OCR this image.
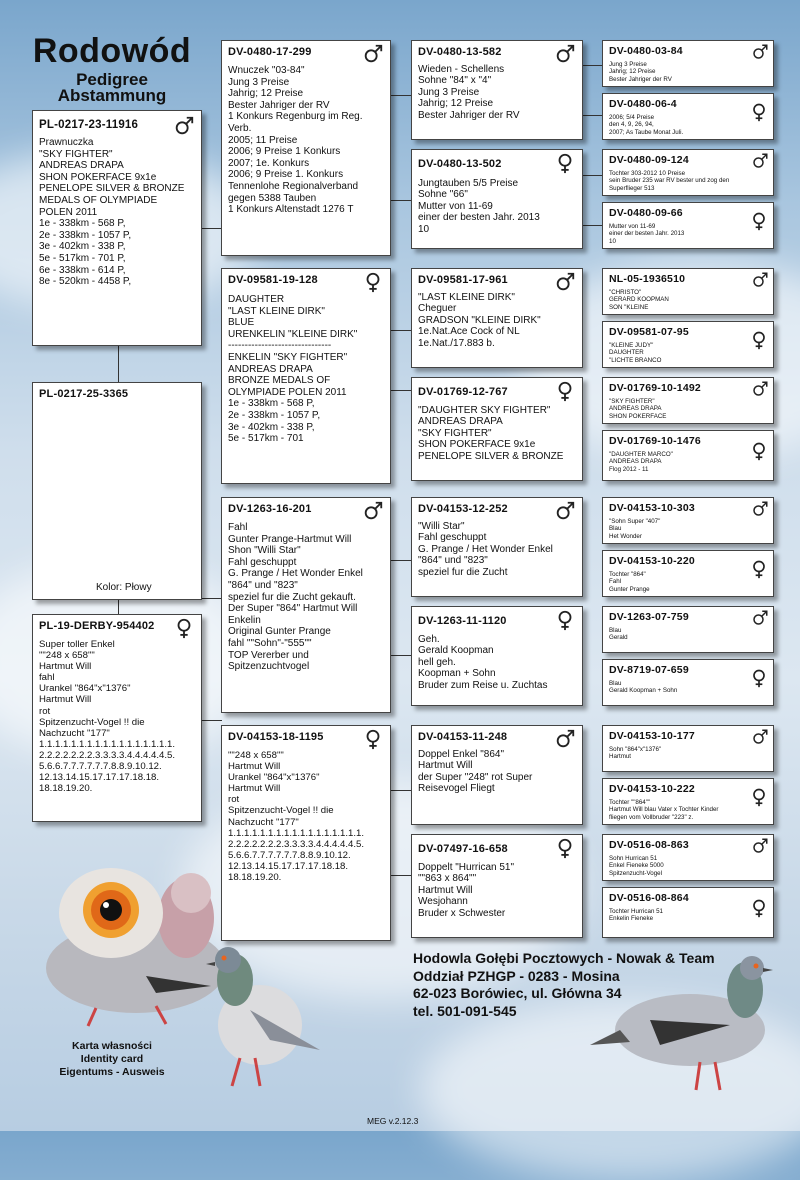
Rodowód
Pedigree
Abstammung
PL-0217-23-11916
Prawnuczka
"SKY FIGHTER"
ANDREAS DRAPA
SHON POKERFACE 9x1e
PENELOPE SILVER & BRONZE
MEDALS OF OLYMPIADE
POLEN 2011
1e - 338km - 568 P,
2e - 338km - 1057 P,
3e - 402km - 338 P,
5e - 517km - 701 P,
6e - 338km - 614 P,
8e - 520km - 4458 P,
PL-0217-25-3365
Kolor: Płowy
PL-19-DERBY-954402
Super toller Enkel
""248 x 658""
Hartmut Will
fahl
Urankel "864"x"1376"
Hartmut Will
rot
Spitzenzucht-Vogel !! die
Nachzucht "177"
1.1.1.1.1.1.1.1.1.1.1.1.1.1.1.1.1.
2.2.2.2.2.2.2.3.3.3.3.4.4.4.4.4.5.
5.6.6.7.7.7.7.7.7.8.8.9.10.12.
12.13.14.15.17.17.17.18.18.
18.18.19.20.
DV-0480-17-299
Wnuczek "03-84"
Jung 3 Preise
Jahrig; 12 Preise
Bester Jahriger der RV
1 Konkurs Regenburg im Reg.
Verb.
2005; 11 Preise
2006; 9 Preise 1 Konkurs
2007; 1e. Konkurs
2006; 9 Preise 1. Konkurs
Tennenlohe Regionalverband
gegen 5388 Tauben
1 Konkurs Altenstadt 1276 T
DV-09581-19-128
DAUGHTER
"LAST KLEINE DIRK"
BLUE
URENKELIN "KLEINE DIRK"
-------------------------------
ENKELIN "SKY FIGHTER"
ANDREAS DRAPA
BRONZE MEDALS OF
OLYMPIADE POLEN 2011
1e - 338km - 568 P,
2e - 338km - 1057 P,
3e - 402km - 338 P,
5e - 517km - 701
DV-1263-16-201
Fahl
Gunter Prange-Hartmut Will
Shon "Willi Star"
Fahl geschuppt
G. Prange / Het Wonder Enkel
"864" und "823"
speziel fur die Zucht gekauft.
Der Super "864" Hartmut Will
Enkelin
Original Gunter Prange
fahl ""Sohn"-"555""
TOP Vererber und
Spitzenzuchtvogel
DV-04153-18-1195
""248 x 658""
Hartmut Will
Urankel "864"x"1376"
Hartmut Will
rot
Spitzenzucht-Vogel !! die
Nachzucht "177"
1.1.1.1.1.1.1.1.1.1.1.1.1.1.1.1.1.
2.2.2.2.2.2.2.3.3.3.3.4.4.4.4.4.5.
5.6.6.7.7.7.7.7.7.8.8.9.10.12.
12.13.14.15.17.17.17.18.18.
18.18.19.20.
DV-0480-13-582
Wieden - Schellens
Sohne "84" x "4"
Jung 3 Preise
Jahrig; 12 Preise
Bester Jahriger der RV
DV-0480-13-502
Jungtauben 5/5 Preise
Sohne "66"
Mutter von 11-69
einer der besten Jahr. 2013
10
DV-09581-17-961
"LAST KLEINE DIRK"
Cheguer
GRADSON "KLEINE DIRK"
1e.Nat.Ace Cock of NL
1e.Nat./17.883 b.
DV-01769-12-767
"DAUGHTER SKY FIGHTER"
ANDREAS DRAPA
"SKY FIGHTER"
SHON POKERFACE 9x1e
PENELOPE SILVER & BRONZE
DV-04153-12-252
"Willi Star"
Fahl geschuppt
G. Prange / Het Wonder Enkel
"864" und "823"
speziel fur die Zucht
DV-1263-11-1120
Geh.
Gerald Koopman
hell geh.
Koopman + Sohn
Bruder zum Reise u. Zuchtas
DV-04153-11-248
Doppel Enkel "864"
Hartmut Will
der Super "248" rot Super
Reisevogel Fliegt
DV-07497-16-658
Doppelt "Hurrican 51"
""863 x 864""
Hartmut Will
Wesjohann
Bruder x Schwester
DV-0480-03-84
Jung 3 Preise
Jahrig; 12 Preise
Bester Jahriger der RV
DV-0480-06-4
2006; 5/4 Preise
den 4, 9, 26, 94,
2007; As Taube Monat Juli.
DV-0480-09-124
Tochter 303-2012 10 Preise
sein Bruder 235 war RV bester und zog den
Superflieger 513
DV-0480-09-66
Mutter von 11-69
einer der besten Jahr. 2013
10
NL-05-1936510
"CHRISTO"
GERARD KOOPMAN
SON "KLEINE
DV-09581-07-95
"KLEINE JUDY"
DAUGHTER
"LICHTE BRANCO
DV-01769-10-1492
"SKY FIGHTER"
ANDREAS DRAPA
SHON POKERFACE
DV-01769-10-1476
"DAUGHTER MARCO"
ANDREAS DRAPA
Flog 2012 - 11
DV-04153-10-303
"Sohn Super "407"
Blau
Het Wonder
DV-04153-10-220
Tochter "864"
Fahl
Gunter Prange
DV-1263-07-759
Blau
Gerald
DV-8719-07-659
Blau
Gerald Koopman + Sohn
DV-04153-10-177
Sohn "864"x"1376"
Hartmut
DV-04153-10-222
Tochter ""864""
Hartmut Will blau Vater x Tochter Kinder
fliegen vom Vollbruder "223" z.
DV-0516-08-863
Sohn Hurrican 51
Enkel Fieneke 5000
Spitzenzucht-Vogel
DV-0516-08-864
Tochter Hurrican 51
Enkelin Fieneke
Hodowla Gołębi Pocztowych - Nowak & Team
Oddział PZHGP - 0283 - Mosina
62-023 Borówiec, ul. Główna 34
tel. 501-091-545
Karta własności
Identity card
Eigentums - Ausweis
MEG v.2.12.3
